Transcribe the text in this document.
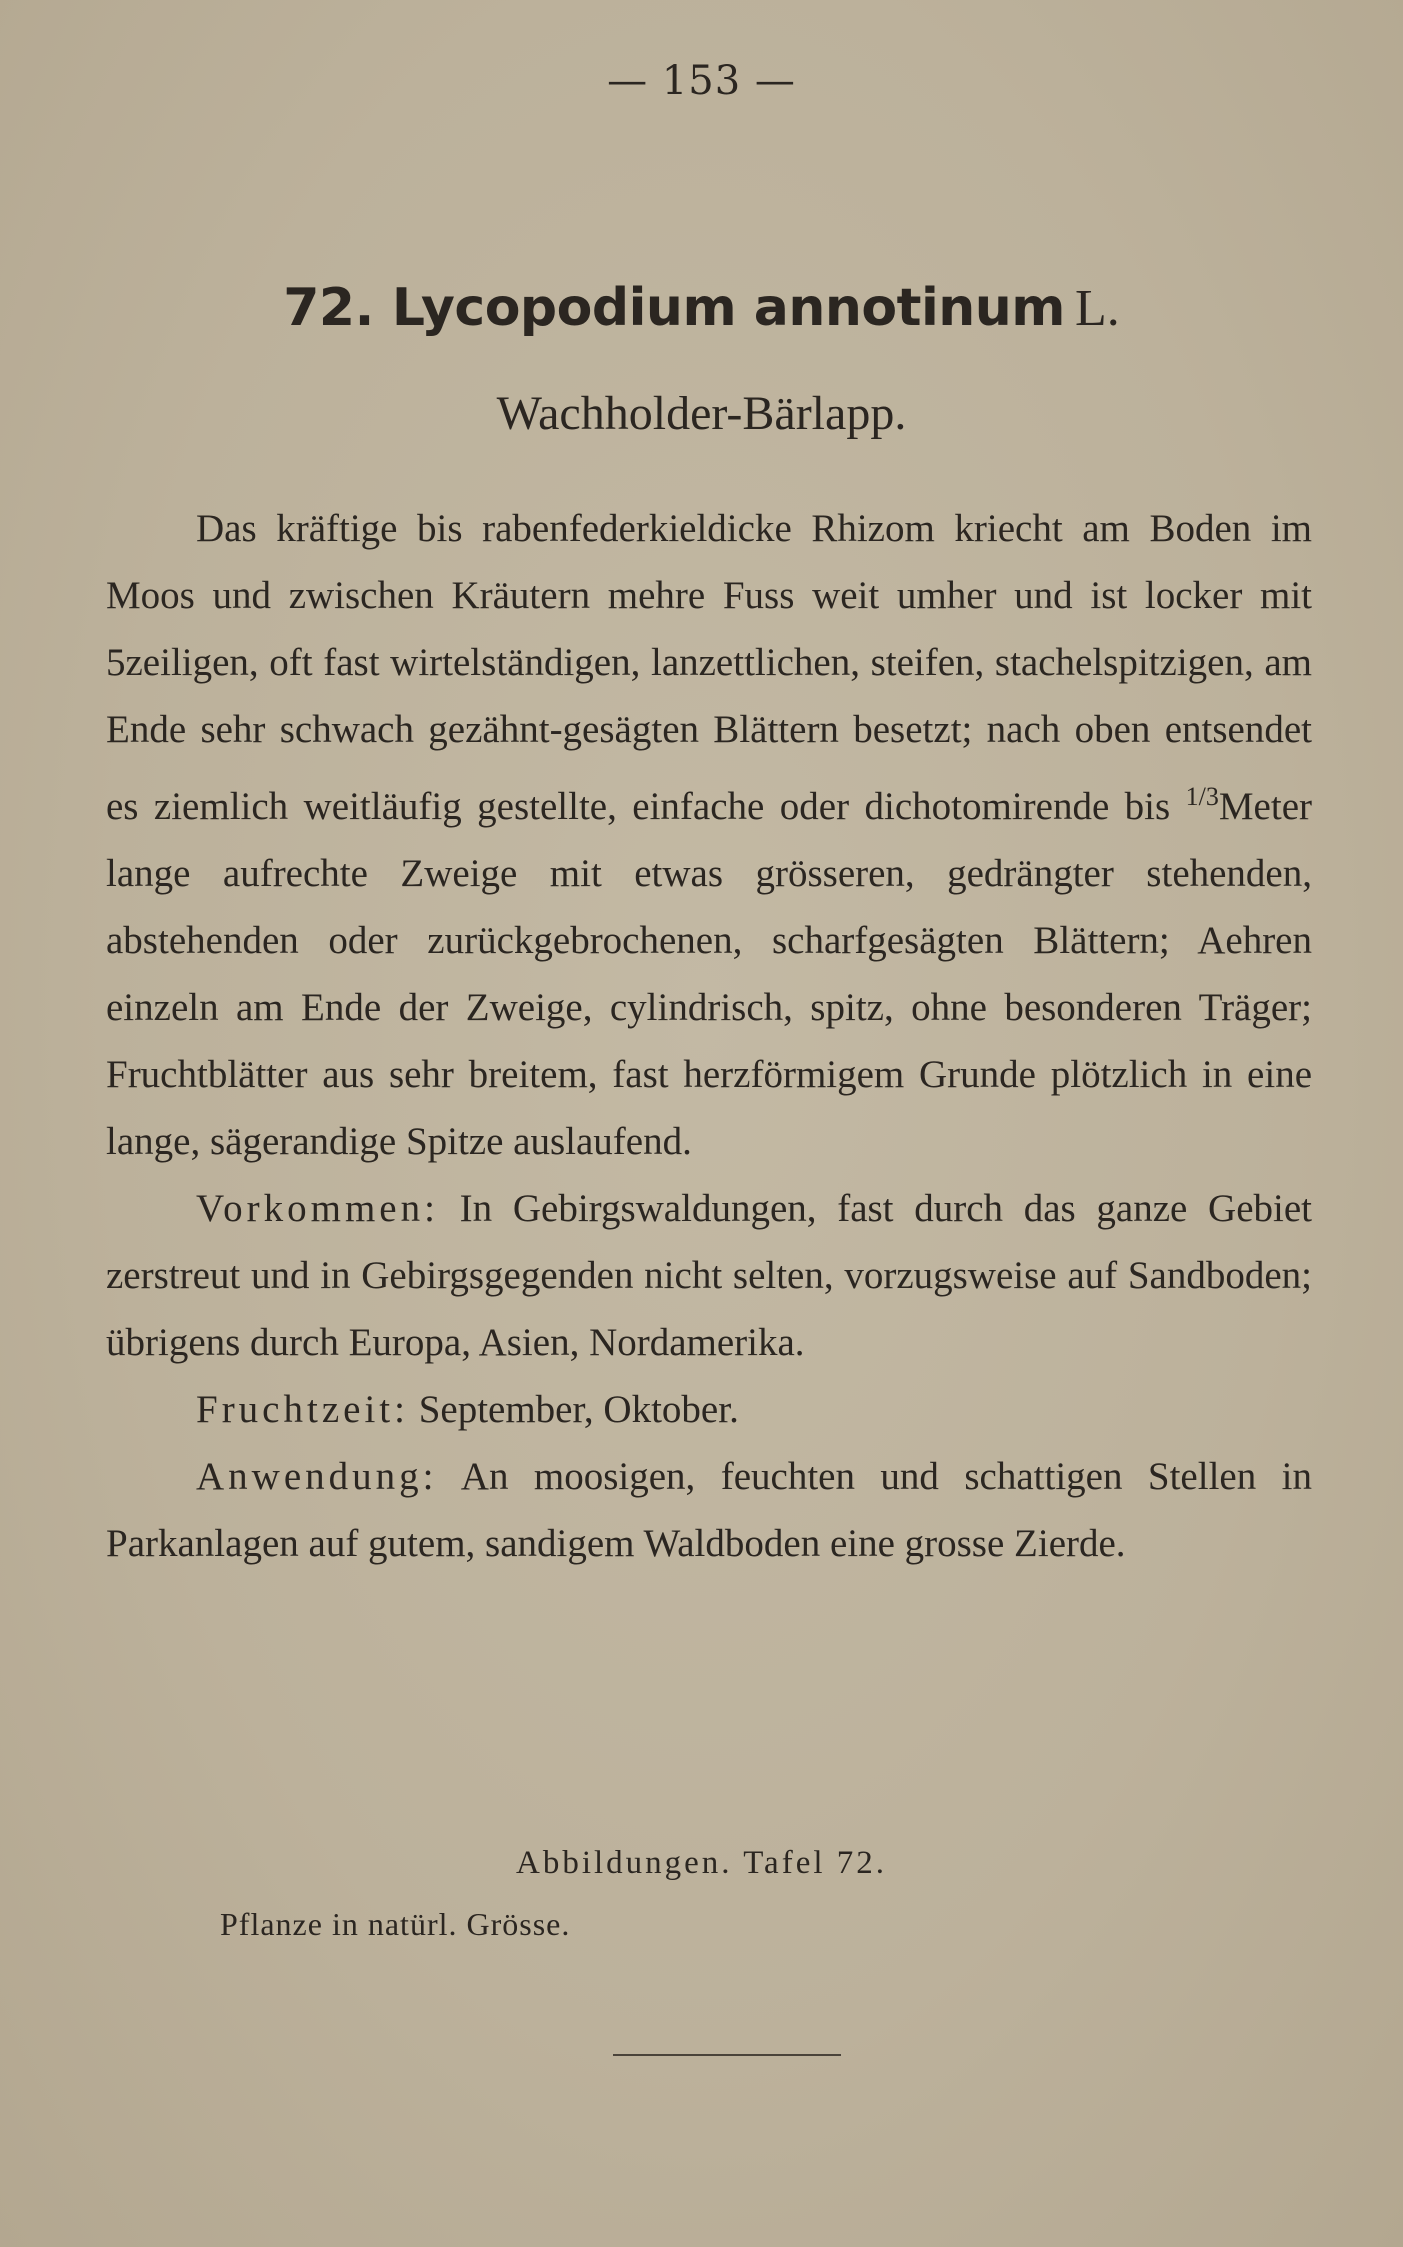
— 153 —
72. Lycopodium annotinum L.
Wachholder-Bärlapp.

Das kräftige bis rabenfederkieldicke Rhizom kriecht am Boden im Moos und zwischen Kräutern mehre Fuss weit umher und ist locker mit 5zeiligen, oft fast wirtelständigen, lanzettlichen, steifen, stachelspitzigen, am Ende sehr schwach gezähnt-gesägten Blättern besetzt; nach oben entsendet es ziemlich weitläufig gestellte, einfache oder dichotomirende bis $^{1/3}$Meter lange aufrechte Zweige mit etwas grösseren, gedrängter stehenden, abstehenden oder zurückgebrochenen, scharfgesägten Blättern; Aehren einzeln am Ende der Zweige, cylindrisch, spitz, ohne besonderen Träger; Fruchtblätter aus sehr breitem, fast herzförmigem Grunde plötzlich in eine lange, sägerandige Spitze auslaufend.

Vorkommen: In Gebirgswaldungen, fast durch das ganze Gebiet zerstreut und in Gebirgsgegenden nicht selten, vorzugsweise auf Sandboden; übrigens durch Europa, Asien, Nordamerika.

Fruchtzeit: September, Oktober.

Anwendung: An moosigen, feuchten und schattigen Stellen in Parkanlagen auf gutem, sandigem Waldboden eine grosse Zierde.

Abbildungen. Tafel 72.
Pflanze in natürl. Grösse.
